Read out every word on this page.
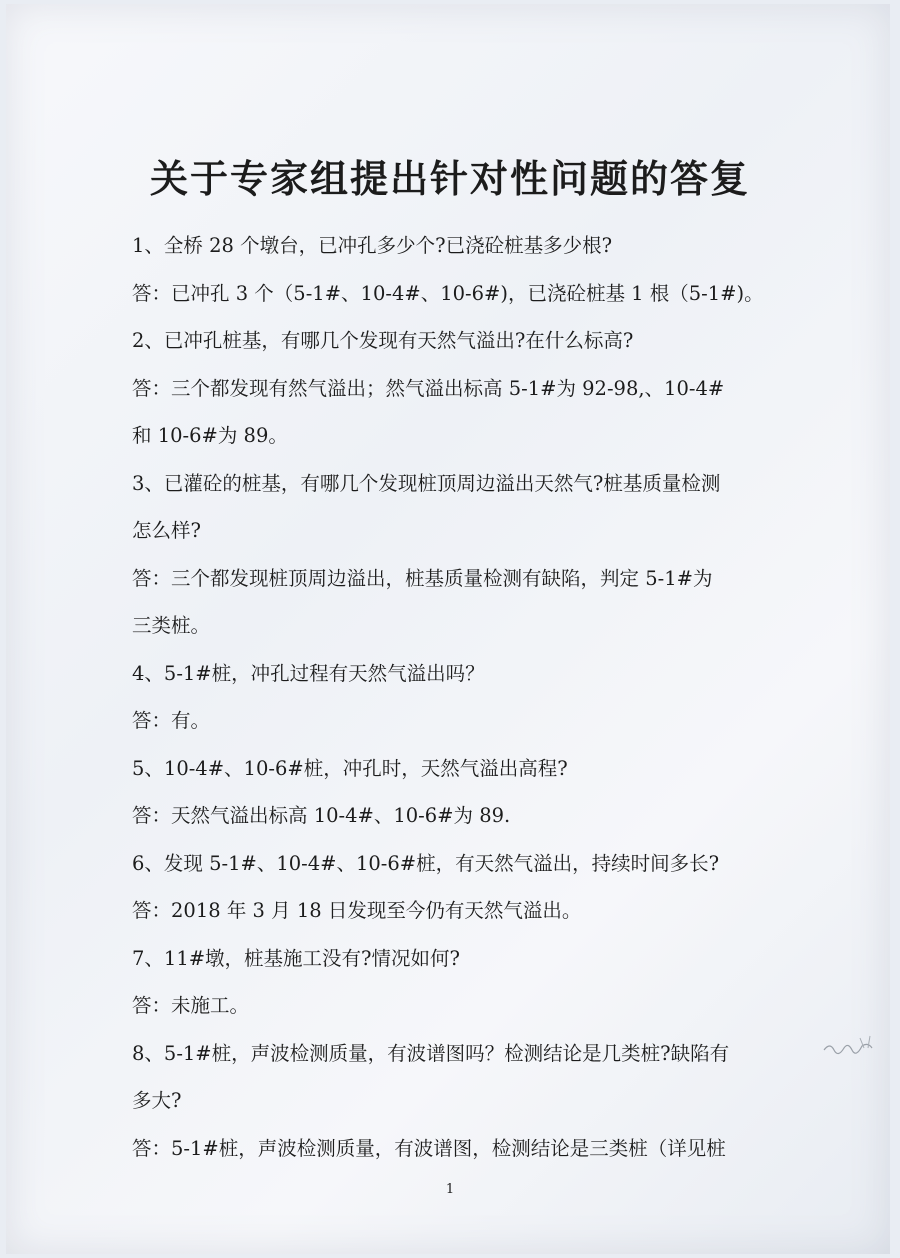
关于专家组提出针对性问题的答复
1、全桥 28 个墩台，已冲孔多少个?已浇砼桩基多少根?
答：已冲孔 3 个（5-1#、10-4#、10-6#)，已浇砼桩基 1 根（5-1#)。
2、已冲孔桩基，有哪几个发现有天然气溢出?在什么标高?
答：三个都发现有然气溢出；然气溢出标高 5-1#为 92-98,、10-4#
和 10-6#为 89。
3、已灌砼的桩基，有哪几个发现桩顶周边溢出天然气?桩基质量检测
怎么样?
答：三个都发现桩顶周边溢出，桩基质量检测有缺陷，判定 5-1#为
三类桩。
4、5-1#桩，冲孔过程有天然气溢出吗？
答：有。
5、10-4#、10-6#桩，冲孔时，天然气溢出高程?
答：天然气溢出标高 10-4#、10-6#为 89.
6、发现 5-1#、10-4#、10-6#桩，有天然气溢出，持续时间多长?
答：2018 年 3 月 18 日发现至今仍有天然气溢出。
7、11#墩，桩基施工没有?情况如何?
答：未施工。
8、5-1#桩，声波检测质量，有波谱图吗？检测结论是几类桩?缺陷有
多大?
答：5-1#桩，声波检测质量，有波谱图，检测结论是三类桩（详见桩
1
